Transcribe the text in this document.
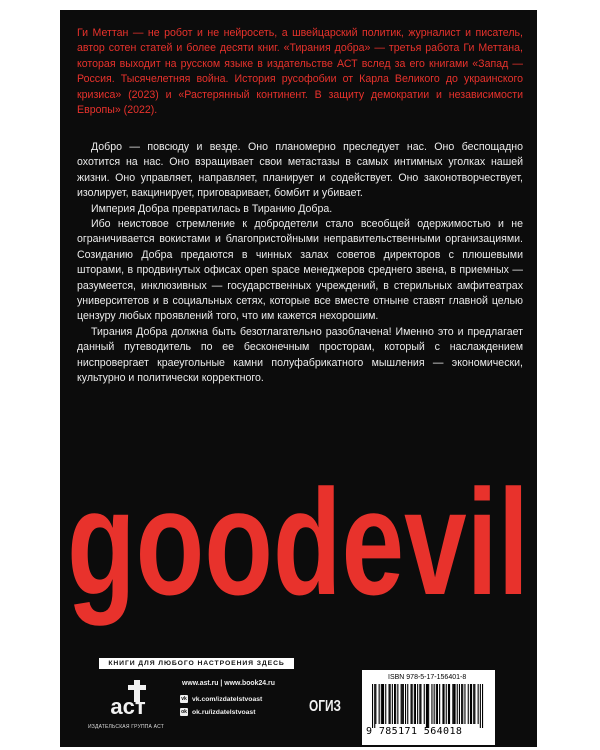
Ги Меттан — не робот и не нейросеть, а швейцарский политик, журналист и писатель, автор сотен статей и более десяти книг. «Тирания добра» — третья работа Ги Меттана, которая выходит на русском языке в издательстве АСТ вслед за его книгами «Запад — Россия. Тысячелетняя война. История русофобии от Карла Великого до украинского кризиса» (2023) и «Растерянный континент. В защиту демократии и независимости Европы» (2022).

Добро — повсюду и везде. Оно планомерно преследует нас. Оно беспощадно охотится на нас. Оно взращивает свои метастазы в самых интимных уголках нашей жизни. Оно управляет, направляет, планирует и содействует. Оно законотворчествует, изолирует, вакцинирует, приговаривает, бомбит и убивает.

Империя Добра превратилась в Тиранию Добра.

Ибо неистовое стремление к добродетели стало всеобщей одержимостью и не ограничивается вокистами и благопристойными неправительственными организациями. Созиданию Добра предаются в чинных залах советов директоров с плюшевыми шторами, в продвинутых офисах open space менеджеров среднего звена, в приемных — разумеется, инклюзивных — государственных учреждений, в стерильных амфитеатрах университетов и в социальных сетях, которые все вместе отныне ставят главной целью цензуру любых проявлений того, что им кажется нехорошим.

Тирания Добра должна быть безотлагательно разоблачена! Именно это и предлагает данный путеводитель по ее бесконечным просторам, который с наслаждением ниспровергает краеугольные камни полуфабрикатного мышления — экономически, культурно и политически корректного.

goodevil
КНИГИ ДЛЯ ЛЮБОГО НАСТРОЕНИЯ ЗДЕСЬ
аст
ИЗДАТЕЛЬСКАЯ ГРУППА АСТ
www.ast.ru | www.book24.ru
vk vk.com/izdatelstvoast
ok ok.ru/izdatelstvoast	ОГИЗ
ISBN 978-5-17-156401-8
9 785171 564018
